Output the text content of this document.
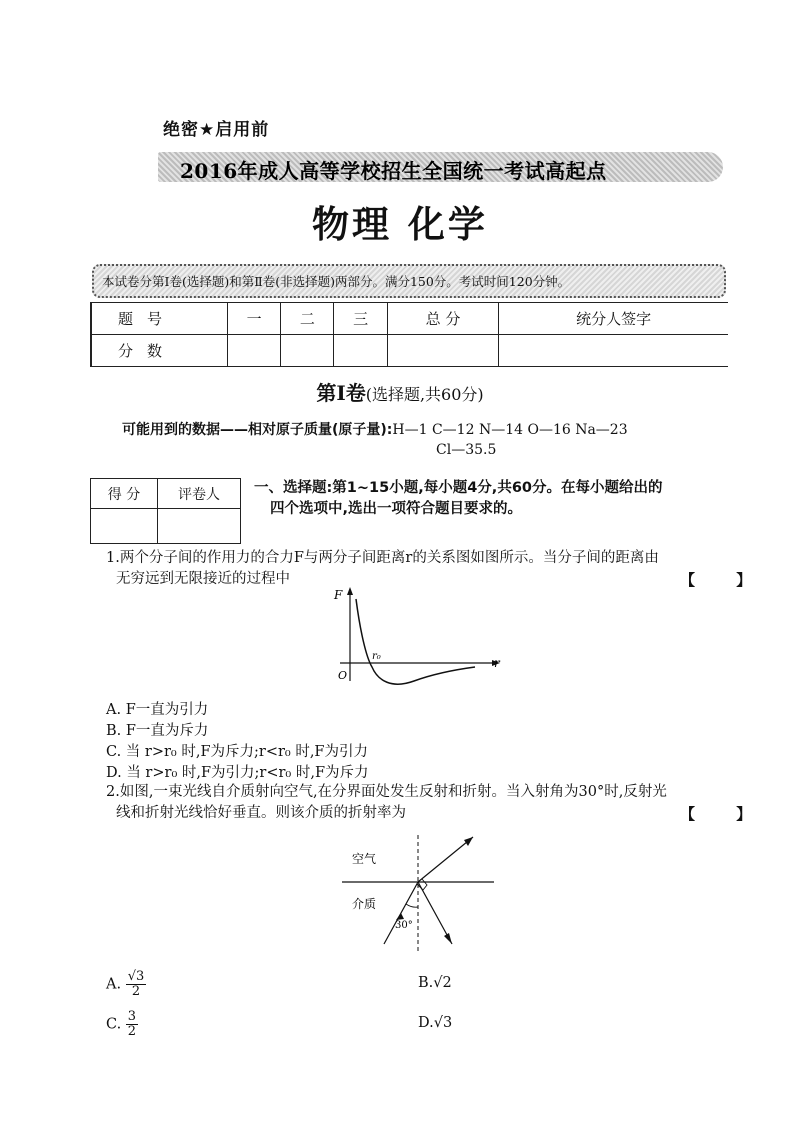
绝密★启用前
2016年成人高等学校招生全国统一考试高起点
物理 化学
本试卷分第Ⅰ卷(选择题)和第Ⅱ卷(非选择题)两部分。满分150分。考试时间120分钟。
题号	一	二	三	总 分	统分人签字
分数					
第Ⅰ卷(选择题,共60分)
可能用到的数据——相对原子质量(原子量):H—1 C—12 N—14 O—16 Na—23
Cl—35.5
得 分	评卷人
	一、选择题:第1~15小题,每小题4分,共60分。在每小题给出的
四个选项中,选出一项符合题目要求的。
1.两个分子间的作用力的合力F与两分子间距离r的关系图如图所示。当分子间的距离由
无穷远到无限接近的过程中	【 】
F
r
r₀
O
A. F一直为引力
B. F一直为斥力
C. 当 r>r₀ 时,F为斥力;r<r₀ 时,F为引力
D. 当 r>r₀ 时,F为引力;r<r₀ 时,F为斥力
2.如图,一束光线自介质射向空气,在分界面处发生反射和折射。当入射角为30°时,反射光
线和折射光线恰好垂直。则该介质的折射率为	【 】
空气
介质
30°
A. $\frac{√3}{2}$	B.√2
C. $\frac{3}{2}$	D.√3
